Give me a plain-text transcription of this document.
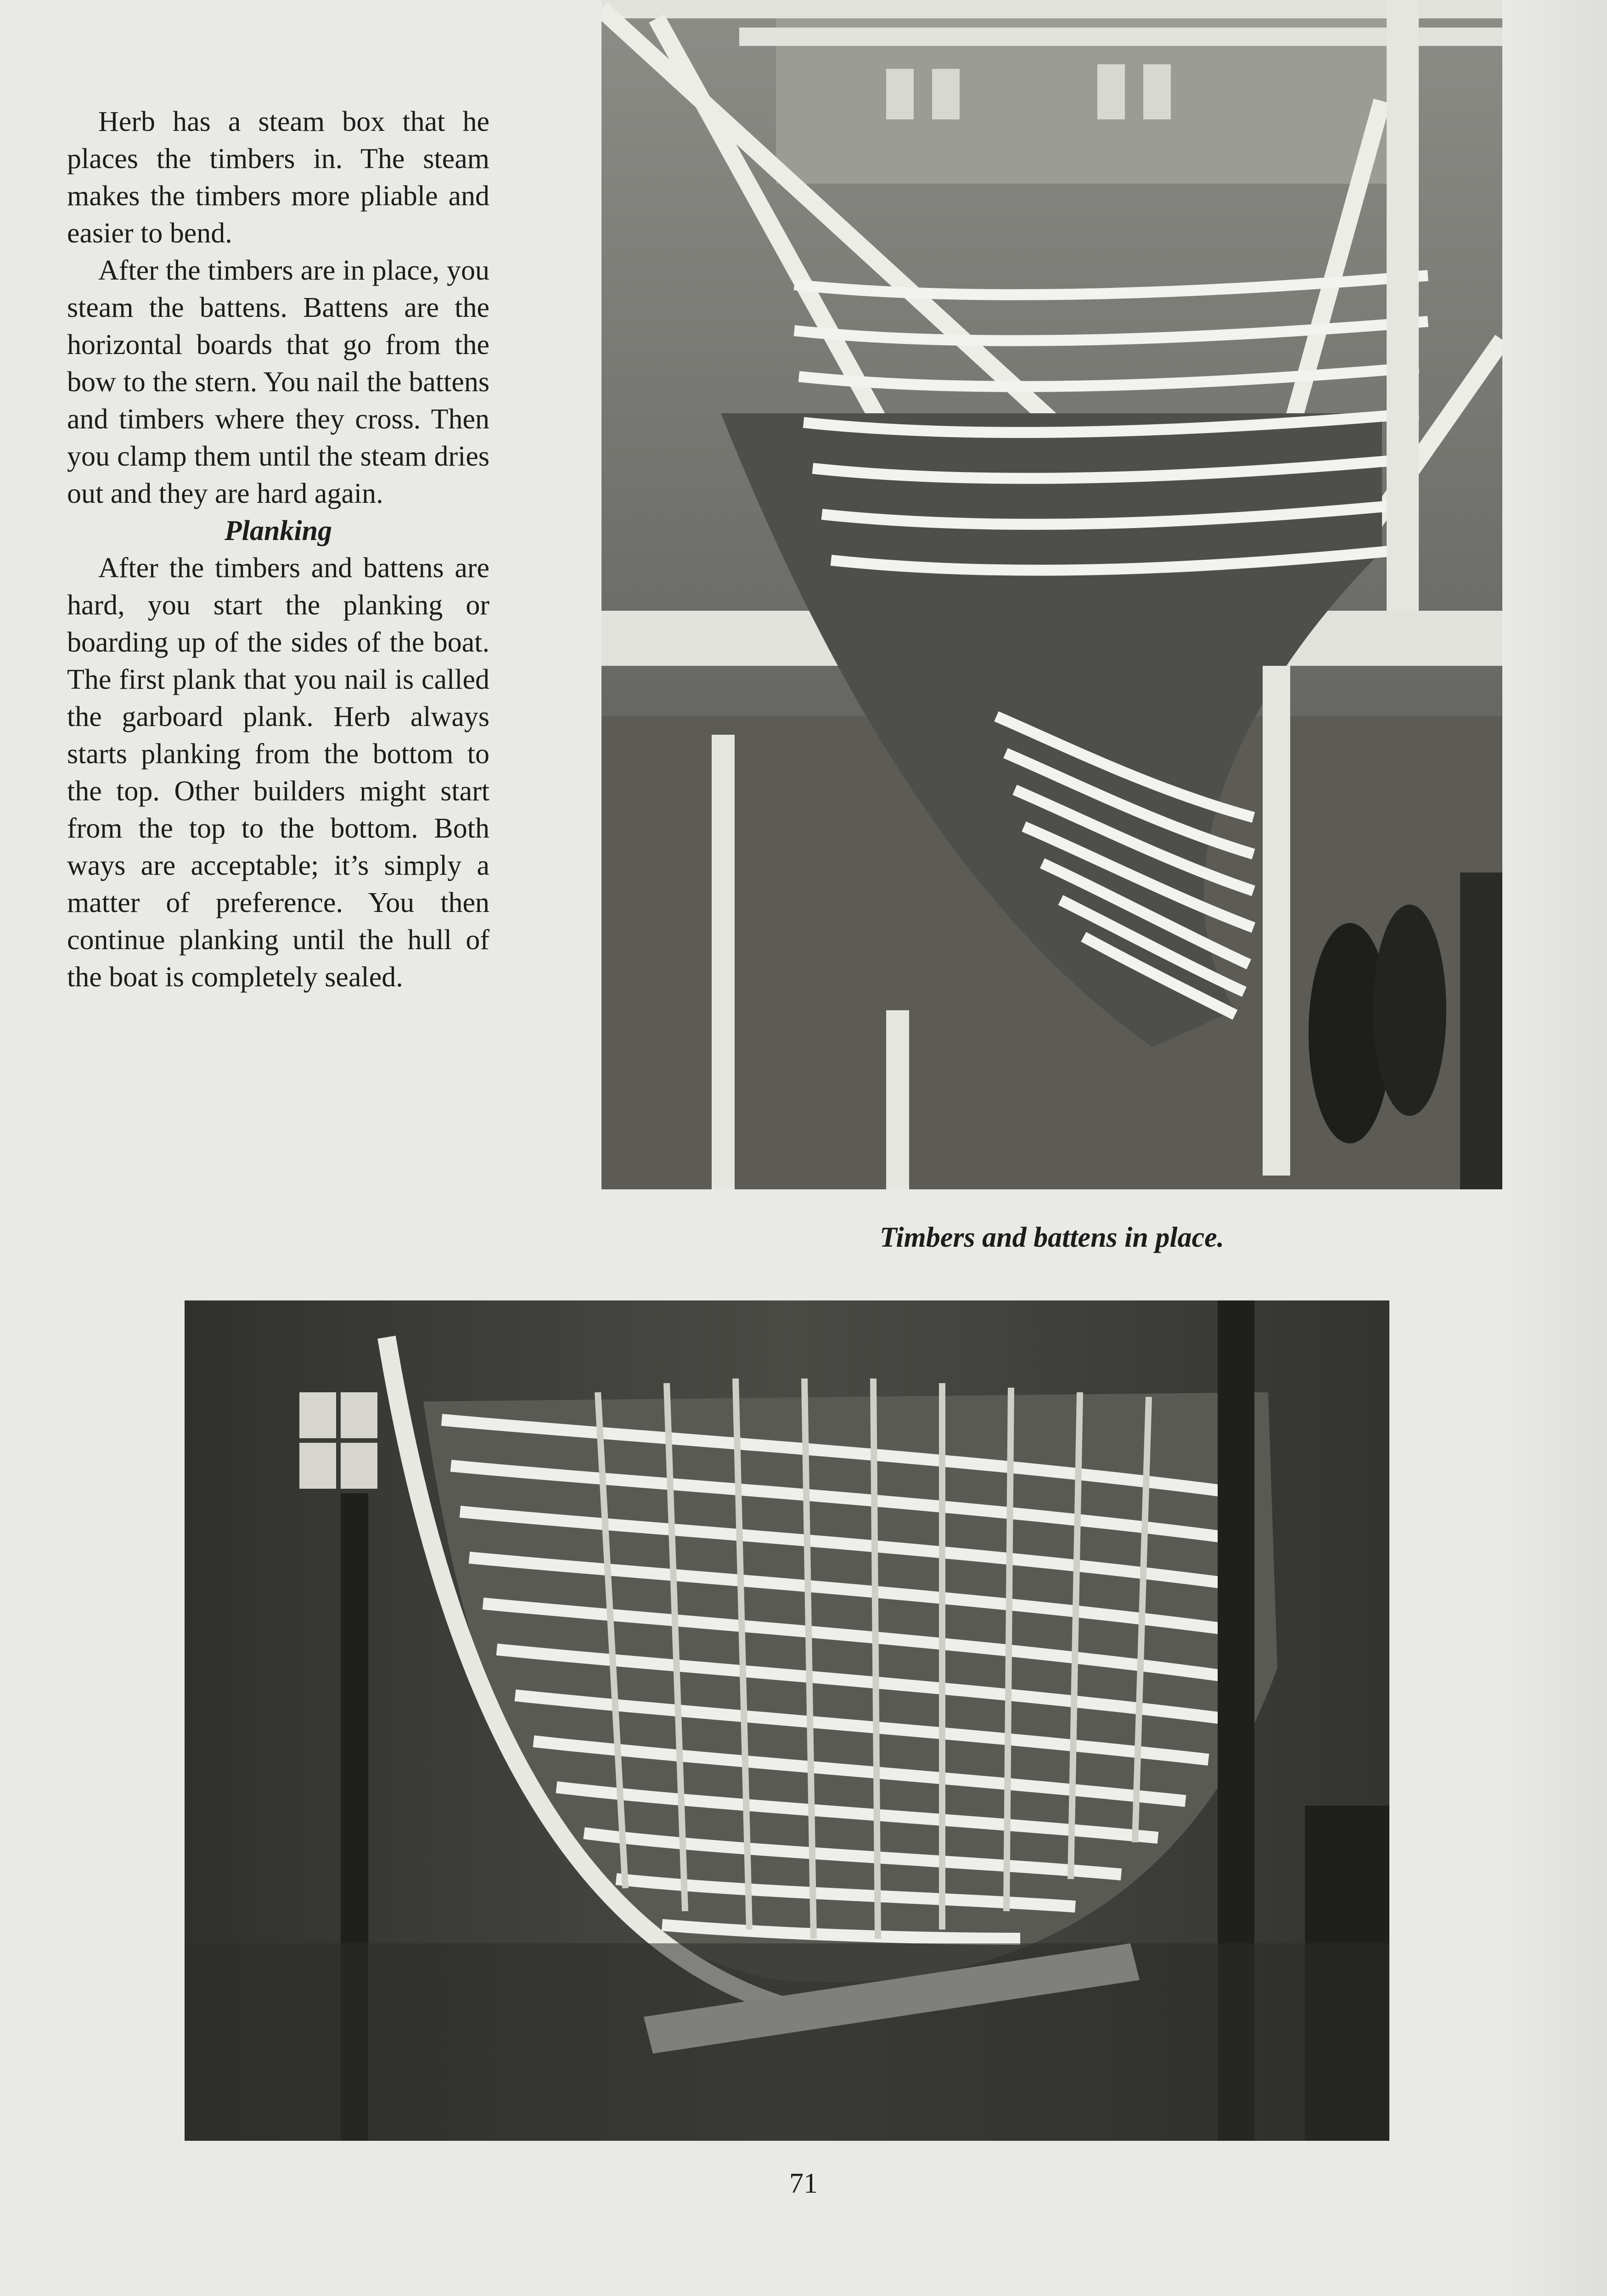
Herb has a steam box that he places the timbers in. The steam makes the timbers more pliable and easier to bend.

After the timbers are in place, you steam the battens. Battens are the horizontal boards that go from the bow to the stern. You nail the battens and timbers where they cross. Then you clamp them until the steam dries out and they are hard again.

Planking

After the timbers and battens are hard, you start the planking or boarding up of the sides of the boat. The first plank that you nail is called the garboard plank. Herb always starts planking from the bottom to the top. Other builders might start from the top to the bottom. Both ways are acceptable; it’s simply a matter of preference. You then continue planking until the hull of the boat is completely sealed.

Timbers and battens in place.
71
